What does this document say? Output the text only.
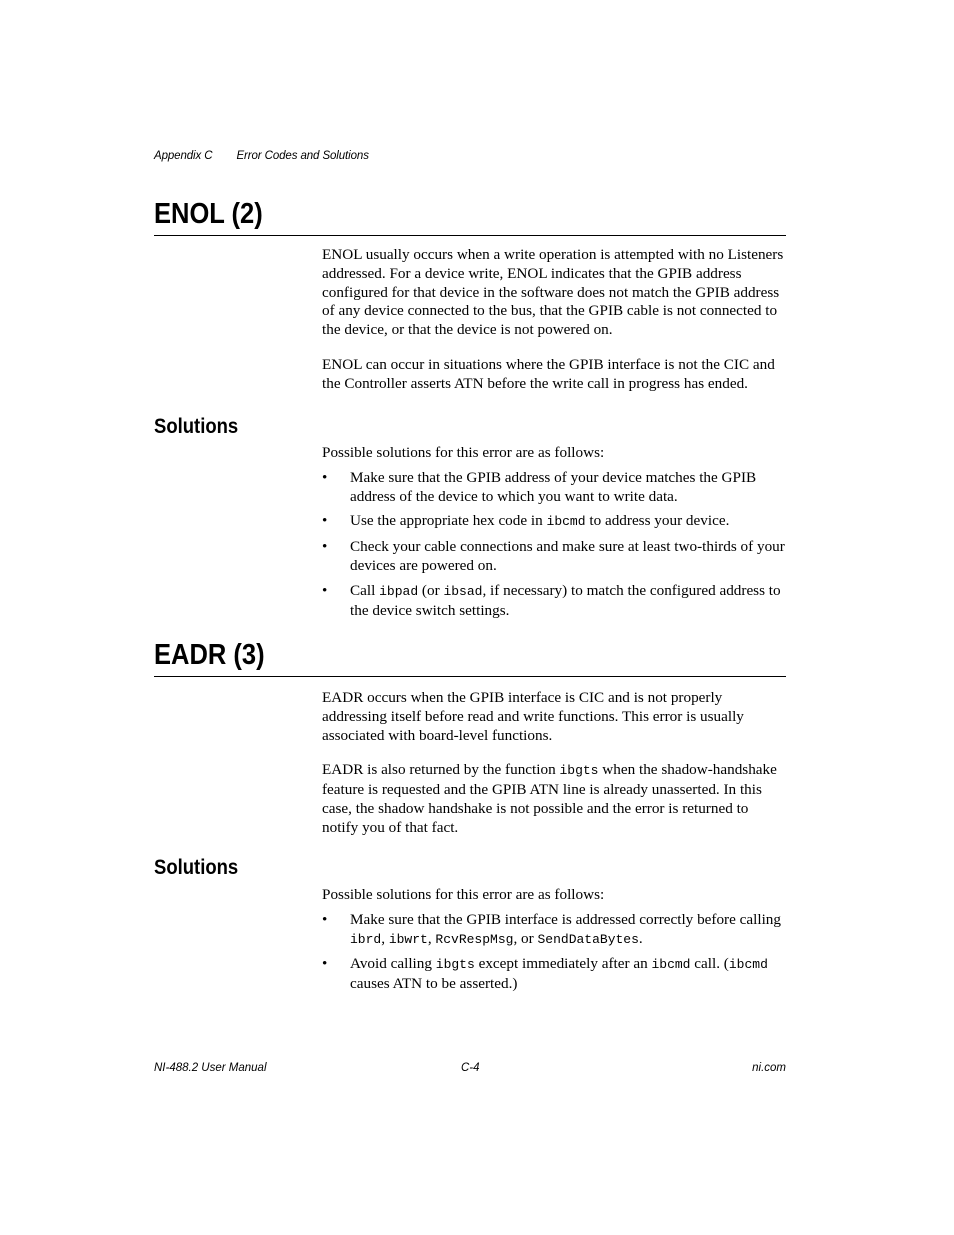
Appendix C Error Codes and Solutions
ENOL (2)

ENOL usually occurs when a write operation is attempted with no Listeners addressed. For a device write, ENOL indicates that the GPIB address configured for that device in the software does not match the GPIB address of any device connected to the bus, that the GPIB cable is not connected to the device, or that the device is not powered on.

ENOL can occur in situations where the GPIB interface is not the CIC and the Controller asserts ATN before the write call in progress has ended.

Solutions

Possible solutions for this error are as follows:

• Make sure that the GPIB address of your device matches the GPIB address of the device to which you want to write data.
• Use the appropriate hex code in ibcmd to address your device.
• Check your cable connections and make sure at least two-thirds of your devices are powered on.
• Call ibpad (or ibsad, if necessary) to match the configured address to the device switch settings.
EADR (3)

EADR occurs when the GPIB interface is CIC and is not properly addressing itself before read and write functions. This error is usually associated with board-level functions.

EADR is also returned by the function ibgts when the shadow-handshake feature is requested and the GPIB ATN line is already unasserted. In this case, the shadow handshake is not possible and the error is returned to notify you of that fact.

Solutions

Possible solutions for this error are as follows:

• Make sure that the GPIB interface is addressed correctly before calling ibrd, ibwrt, RcvRespMsg, or SendDataBytes.
• Avoid calling ibgts except immediately after an ibcmd call. (ibcmd causes ATN to be asserted.)
NI-488.2 User Manual	C-4	ni.com
